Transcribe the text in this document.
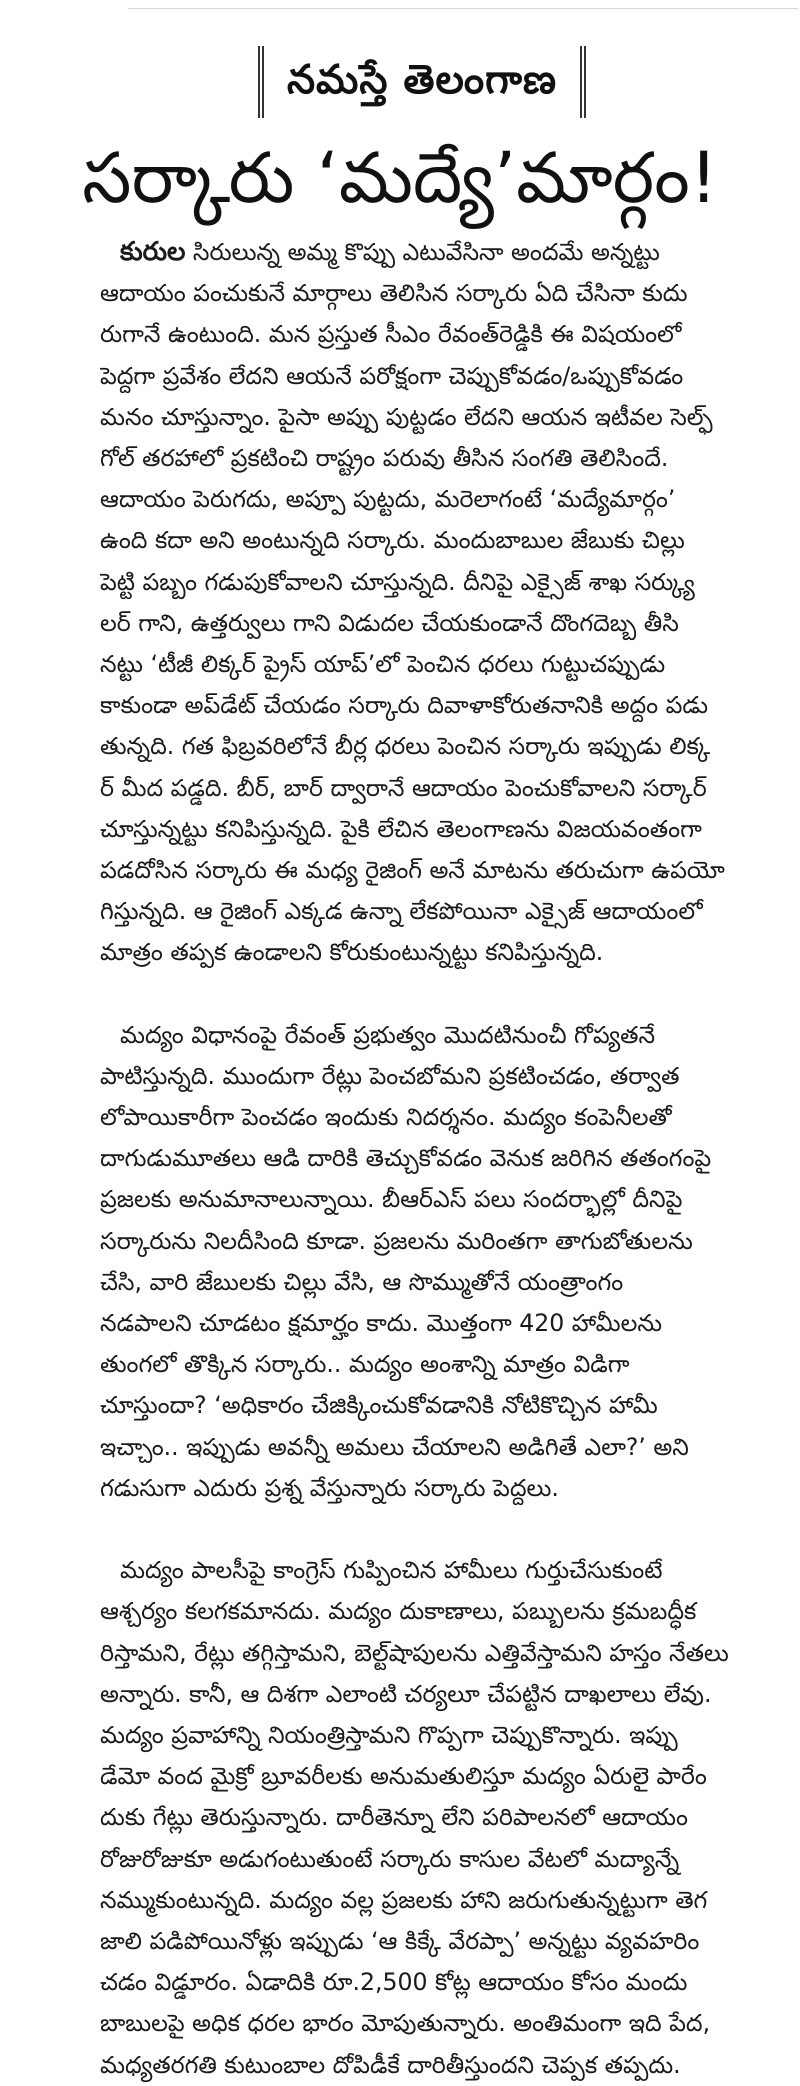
నమస్తే తెలంగాణ
సర్కారు ‘మద్యే’మార్గం!

కురుల సిరులున్న అమ్మ కొప్పు ఎటువేసినా అందమే అన్నట్టు
ఆదాయం పంచుకునే మార్గాలు తెలిసిన సర్కారు ఏది చేసినా కుదు
రుగానే ఉంటుంది. మన ప్రస్తుత సీఎం రేవంత్‌రెడ్డికి ఈ విషయంలో
పెద్దగా ప్రవేశం లేదని ఆయనే పరోక్షంగా చెప్పుకోవడం/ఒప్పుకోవడం
మనం చూస్తున్నాం. పైసా అప్పు పుట్టడం లేదని ఆయన ఇటీవల సెల్ఫ్
గోల్ తరహాలో ప్రకటించి రాష్ట్రం పరువు తీసిన సంగతి తెలిసిందే.
ఆదాయం పెరుగదు, అప్పూ పుట్టదు, మరెలాగంటే ‘మద్యేమార్గం’
ఉంది కదా అని అంటున్నది సర్కారు. మందుబాబుల జేబుకు చిల్లు
పెట్టి పబ్బం గడుపుకోవాలని చూస్తున్నది. దీనిపై ఎక్సైజ్ శాఖ సర్క్యు
లర్ గాని, ఉత్తర్వులు గాని విడుదల చేయకుండానే దొంగదెబ్బ తీసి
నట్టు ‘టీజీ లిక్కర్ ప్రైస్ యాప్’లో పెంచిన ధరలు గుట్టుచప్పుడు
కాకుండా అప్‌డేట్ చేయడం సర్కారు దివాళాకోరుతనానికి అద్దం పడు
తున్నది. గత ఫిబ్రవరిలోనే బీర్ల ధరలు పెంచిన సర్కారు ఇప్పుడు లిక్క
ర్ మీద పడ్డది. బీర్, బార్ ద్వారానే ఆదాయం పెంచుకోవాలని సర్కార్
చూస్తున్నట్టు కనిపిస్తున్నది. పైకి లేచిన తెలంగాణను విజయవంతంగా
పడదోసిన సర్కారు ఈ మధ్య రైజింగ్ అనే మాటను తరుచుగా ఉపయో
గిస్తున్నది. ఆ రైజింగ్ ఎక్కడ ఉన్నా లేకపోయినా ఎక్సైజ్ ఆదాయంలో
మాత్రం తప్పక ఉండాలని కోరుకుంటున్నట్టు కనిపిస్తున్నది.

మద్యం విధానంపై రేవంత్ ప్రభుత్వం మొదటినుంచీ గోప్యతనే
పాటిస్తున్నది. ముందుగా రేట్లు పెంచబోమని ప్రకటించడం, తర్వాత
లోపాయికారీగా పెంచడం ఇందుకు నిదర్శనం. మద్యం కంపెనీలతో
దాగుడుమూతలు ఆడి దారికి తెచ్చుకోవడం వెనుక జరిగిన తతంగంపై
ప్రజలకు అనుమానాలున్నాయి. బీఆర్‌ఎస్ పలు సందర్భాల్లో దీనిపై
సర్కారును నిలదీసింది కూడా. ప్రజలను మరింతగా తాగుబోతులను
చేసి, వారి జేబులకు చిల్లు వేసి, ఆ సొమ్ముతోనే యంత్రాంగం
నడపాలని చూడటం క్షమార్హం కాదు. మొత్తంగా 420 హామీలను
తుంగలో తొక్కిన సర్కారు.. మద్యం అంశాన్ని మాత్రం విడిగా
చూస్తుందా? ‘అధికారం చేజిక్కించుకోవడానికి నోటికొచ్చిన హామీ
ఇచ్చాం.. ఇప్పుడు అవన్నీ అమలు చేయాలని అడిగితే ఎలా?’ అని
గడుసుగా ఎదురు ప్రశ్న వేస్తున్నారు సర్కారు పెద్దలు.

మద్యం పాలసీపై కాంగ్రెస్ గుప్పించిన హామీలు గుర్తుచేసుకుంటే
ఆశ్చర్యం కలగకమానదు. మద్యం దుకాణాలు, పబ్బులను క్రమబద్ధీక
రిస్తామని, రేట్లు తగ్గిస్తామని, బెల్ట్‌షాపులను ఎత్తివేస్తామని హస్తం నేతలు
అన్నారు. కానీ, ఆ దిశగా ఎలాంటి చర్యలూ చేపట్టిన దాఖలాలు లేవు.
మద్యం ప్రవాహాన్ని నియంత్రిస్తామని గొప్పగా చెప్పుకొన్నారు. ఇప్పు
డేమో వంద మైక్రో బ్రూవరీలకు అనుమతులిస్తూ మద్యం ఏరులై పారేం
దుకు గేట్లు తెరుస్తున్నారు. దారీతెన్నూ లేని పరిపాలనలో ఆదాయం
రోజురోజుకూ అడుగంటుతుంటే సర్కారు కాసుల వేటలో మద్యాన్నే
నమ్ముకుంటున్నది. మద్యం వల్ల ప్రజలకు హాని జరుగుతున్నట్టుగా తెగ
జాలి పడిపోయినోళ్లు ఇప్పుడు ‘ఆ కిక్కే వేరప్పా’ అన్నట్టు వ్యవహరిం
చడం విడ్డూరం. ఏడాదికి రూ.2,500 కోట్ల ఆదాయం కోసం మందు
బాబులపై అధిక ధరల భారం మోపుతున్నారు. అంతిమంగా ఇది పేద,
మధ్యతరగతి కుటుంబాల దోపిడీకే దారితీస్తుందని చెప్పక తప్పదు.
